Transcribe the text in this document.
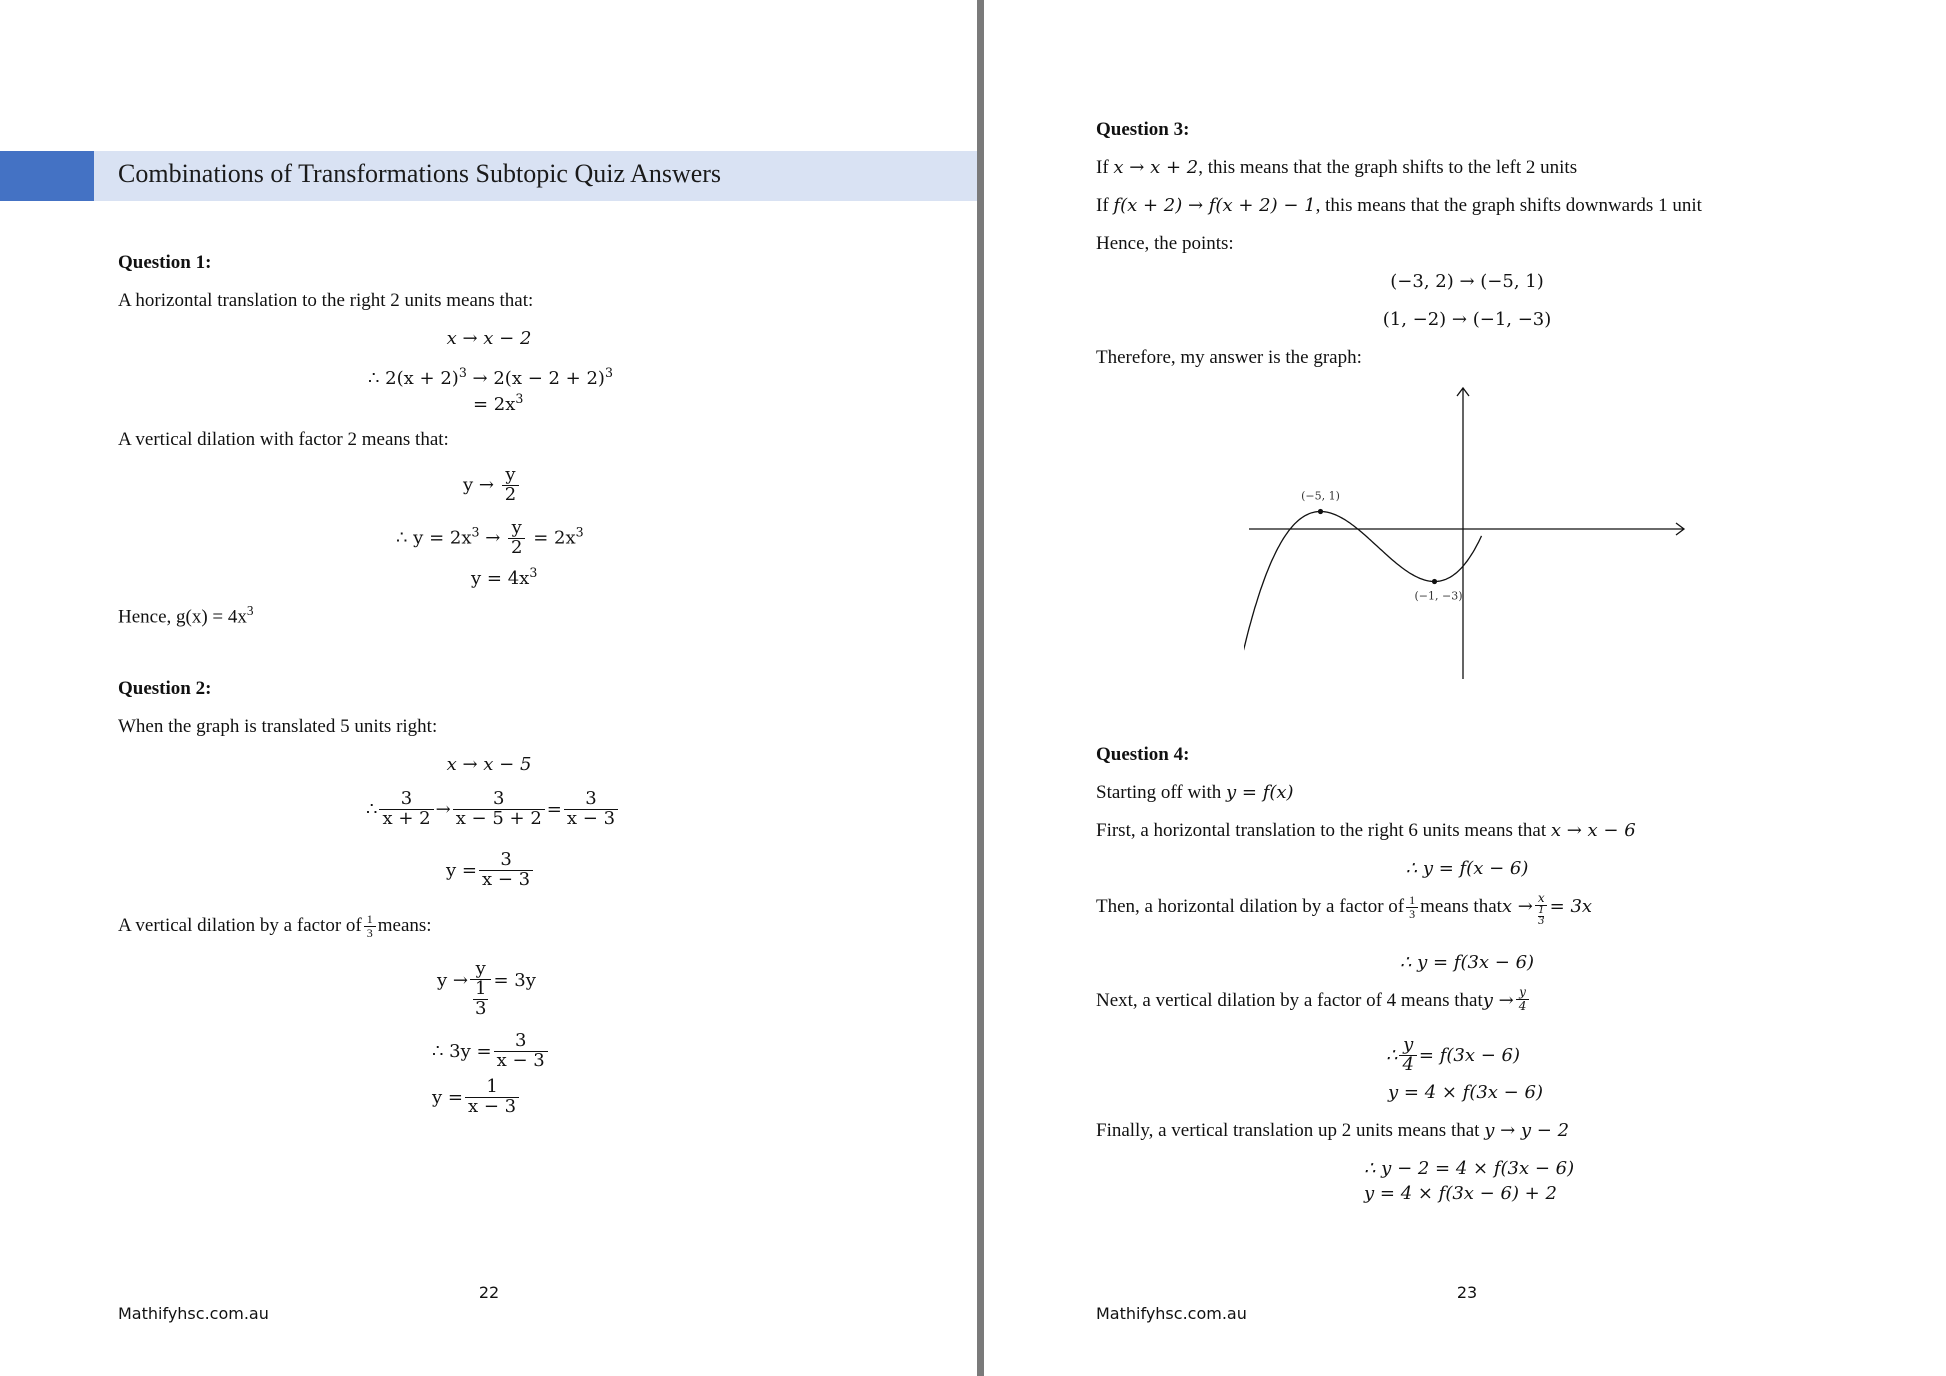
Combinations of Transformations Subtopic Quiz Answers
Question 1:
A horizontal translation to the right 2 units means that:
x → x − 2
∴ $2(x + 2)^3 \to 2(x - 2 + 2)^3$
= $2x^3$
A vertical dilation with factor 2 means that:
$y \to \frac{y}{2}$
∴ $y = 2x^3 \to \frac{y}{2} = 2x^3$
$y = 4x^3$
Hence, $g(x) = 4x^3$
Question 2:
When the graph is translated 5 units right:
x → x − 5
∴ $\frac{3}{x + 2} \to \frac{3}{x - 5 + 2} = \frac{3}{x - 3}$
$y = \frac{3}{x - 3}$
A vertical dilation by a factor of $\frac{1}{3}$ means:
$y \to \frac{y}{\frac{1}{3}} = 3y$
∴ $3y = \frac{3}{x - 3}$
$y = \frac{1}{x - 3}$
22
Mathifyhsc.com.au
Question 3:
If x → x + 2, this means that the graph shifts to the left 2 units
If f(x + 2) → f(x + 2) − 1, this means that the graph shifts downwards 1 unit
Hence, the points:
(−3, 2) → (−5, 1)
(1, −2) → (−1, −3)
Therefore, my answer is the graph:
(−5, 1)
(−1, −3)
Question 4:
Starting off with y = f(x)
First, a horizontal translation to the right 6 units means that x → x − 6
∴ y = f(x − 6)
Then, a horizontal dilation by a factor of $\frac{1}{3}$ means that $x \to \frac{x}{\frac{1}{3}} = 3x$
∴ y = f(3x − 6)
Next, a vertical dilation by a factor of 4 means that $y \to \frac{y}{4}$
∴ $\frac{y}{4} = f(3x - 6)$
y = 4 × f(3x − 6)
Finally, a vertical translation up 2 units means that y → y − 2
∴ y − 2 = 4 × f(3x − 6)
y = 4 × f(3x − 6) + 2
23
Mathifyhsc.com.au
